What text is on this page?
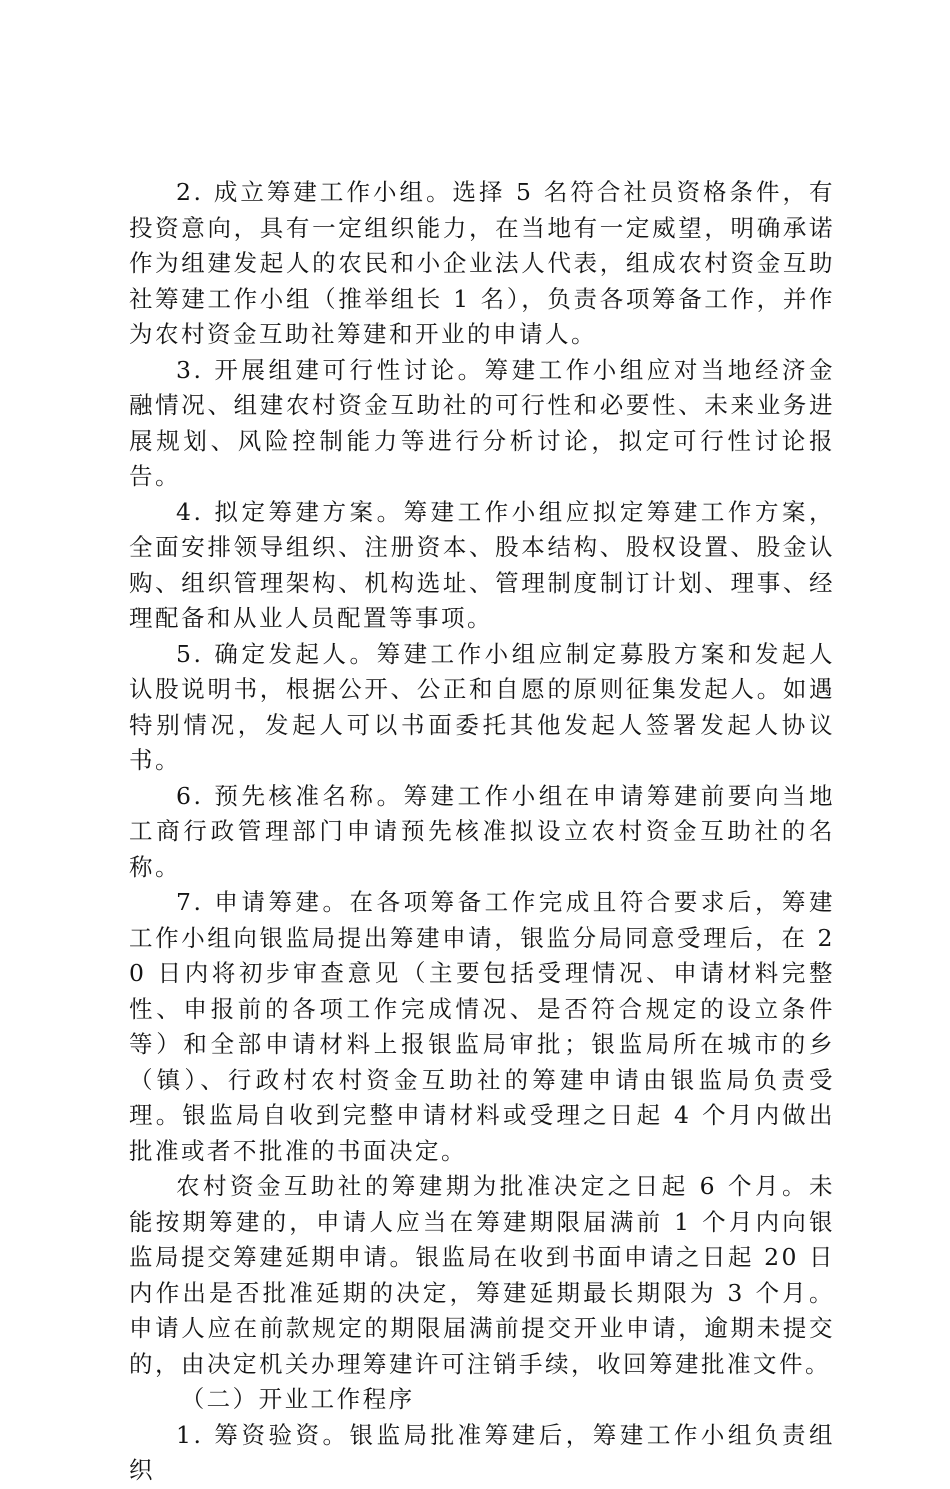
2. 成立筹建工作小组。选择 5 名符合社员资格条件，有投资意向，具有一定组织能力，在当地有一定威望，明确承诺作为组建发起人的农民和小企业法人代表，组成农村资金互助社筹建工作小组（推举组长 1 名），负责各项筹备工作，并作为农村资金互助社筹建和开业的申请人。

3. 开展组建可行性讨论。筹建工作小组应对当地经济金融情况、组建农村资金互助社的可行性和必要性、未来业务进展规划、风险控制能力等进行分析讨论，拟定可行性讨论报告。

4. 拟定筹建方案。筹建工作小组应拟定筹建工作方案，全面安排领导组织、注册资本、股本结构、股权设置、股金认购、组织管理架构、机构选址、管理制度制订计划、理事、经理配备和从业人员配置等事项。

5. 确定发起人。筹建工作小组应制定募股方案和发起人认股说明书，根据公开、公正和自愿的原则征集发起人。如遇特别情况，发起人可以书面委托其他发起人签署发起人协议书。

6. 预先核准名称。筹建工作小组在申请筹建前要向当地工商行政管理部门申请预先核准拟设立农村资金互助社的名称。

7. 申请筹建。在各项筹备工作完成且符合要求后，筹建工作小组向银监局提出筹建申请，银监分局同意受理后，在 20 日内将初步审查意见（主要包括受理情况、申请材料完整性、申报前的各项工作完成情况、是否符合规定的设立条件等）和全部申请材料上报银监局审批；银监局所在城市的乡（镇）、行政村农村资金互助社的筹建申请由银监局负责受理。银监局自收到完整申请材料或受理之日起 4 个月内做出批准或者不批准的书面决定。

农村资金互助社的筹建期为批准决定之日起 6 个月。未能按期筹建的，申请人应当在筹建期限届满前 1 个月内向银监局提交筹建延期申请。银监局在收到书面申请之日起 20 日内作出是否批准延期的决定，筹建延期最长期限为 3 个月。申请人应在前款规定的期限届满前提交开业申请，逾期未提交的，由决定机关办理筹建许可注销手续，收回筹建批准文件。

（二）开业工作程序

1. 筹资验资。银监局批准筹建后，筹建工作小组负责组织
